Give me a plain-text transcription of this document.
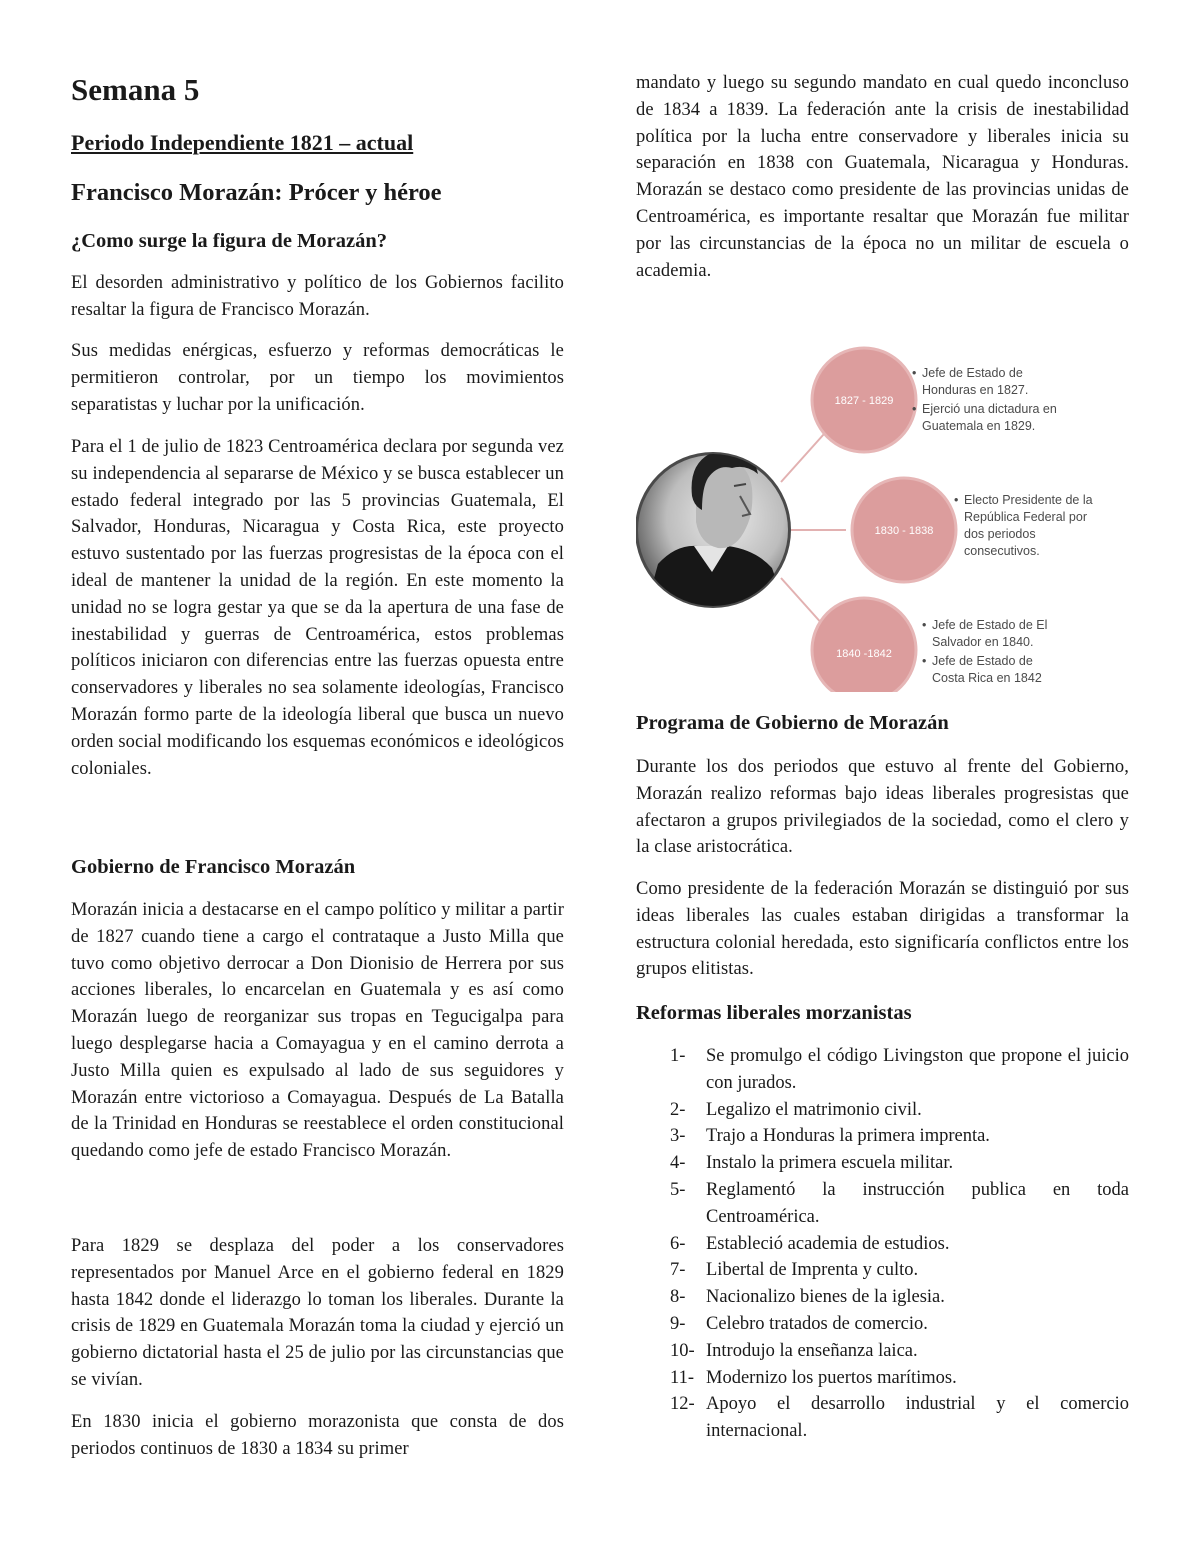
Semana 5
Periodo Independiente 1821 – actual
Francisco Morazán: Prócer y héroe
¿Como surge la figura de Morazán?

El desorden administrativo y político de los Gobiernos facilito resaltar la figura de Francisco Morazán.

Sus medidas enérgicas, esfuerzo y reformas democráticas le permitieron controlar, por un tiempo los movimientos separatistas y luchar por la unificación.

Para el 1 de julio de 1823 Centroamérica declara por segunda vez su independencia al separarse de México y se busca establecer un estado federal integrado por las 5 provincias Guatemala, El Salvador, Honduras, Nicaragua y Costa Rica, este proyecto estuvo sustentado por las fuerzas progresistas de la época con el ideal de mantener la unidad de la región. En este momento la unidad no se logra gestar ya que se da la apertura de una fase de inestabilidad y guerras de Centroamérica, estos problemas políticos iniciaron con diferencias entre las fuerzas opuesta entre conservadores y liberales no sea solamente ideologías, Francisco Morazán formo parte de la ideología liberal que busca un nuevo orden social modificando los esquemas económicos e ideológicos coloniales.

Gobierno de Francisco Morazán

Morazán inicia a destacarse en el campo político y militar a partir de 1827 cuando tiene a cargo el contrataque a Justo Milla que tuvo como objetivo derrocar a Don Dionisio de Herrera por sus acciones liberales, lo encarcelan en Guatemala y es así como Morazán luego de reorganizar sus tropas en Tegucigalpa para luego desplegarse hacia a Comayagua y en el camino derrota a Justo Milla quien es expulsado al lado de sus seguidores y Morazán entre victorioso a Comayagua. Después de La Batalla de la Trinidad en Honduras se reestablece el orden constitucional quedando como jefe de estado Francisco Morazán.

Para 1829 se desplaza del poder a los conservadores representados por Manuel Arce en el gobierno federal en 1829 hasta 1842 donde el liderazgo lo toman los liberales. Durante la crisis de 1829 en Guatemala Morazán toma la ciudad y ejerció un gobierno dictatorial hasta el 25 de julio por las circunstancias que se vivían.

En 1830 inicia el gobierno morazonista que consta de dos periodos continuos de 1830 a 1834 su primer

mandato y luego su segundo mandato en cual quedo inconcluso de 1834 a 1839. La federación ante la crisis de inestabilidad política por la lucha entre conservadore y liberales inicia su separación en 1838 con Guatemala, Nicaragua y Honduras. Morazán se destaco como presidente de las provincias unidas de Centroamérica, es importante resaltar que Morazán fue militar por las circunstancias de la época no un militar de escuela o academia.

Programa de Gobierno de Morazán

Durante los dos periodos que estuvo al frente del Gobierno, Morazán realizo reformas bajo ideas liberales progresistas que afectaron a grupos privilegiados de la sociedad, como el clero y la clase aristocrática.

Como presidente de la federación Morazán se distinguió por sus ideas liberales las cuales estaban dirigidas a transformar la estructura colonial heredada, esto significaría conflictos entre los grupos elitistas.

Reformas liberales morzanistas
1- Se promulgo el código Livingston que propone el juicio con jurados.
2- Legalizo el matrimonio civil.
3- Trajo a Honduras la primera imprenta.
4- Instalo la primera escuela militar.
5- Reglamentó la instrucción publica en toda Centroamérica.
6- Estableció academia de estudios.
7- Libertal de Imprenta y culto.
8- Nacionalizo bienes de la iglesia.
9- Celebro tratados de comercio.
10- Introdujo la enseñanza laica.
11- Modernizo los puertos marítimos.
12- Apoyo el desarrollo industrial y el comercio internacional.
1827 - 1829
1830 - 1838
1840 -1842
• Jefe de Estado de
Honduras en 1827.
• Ejerció una dictadura en
Guatemala en 1829.
• Electo Presidente de la
República Federal por
dos periodos
consecutivos.
• Jefe de Estado de El
Salvador en 1840.
• Jefe de Estado de
Costa Rica en 1842
